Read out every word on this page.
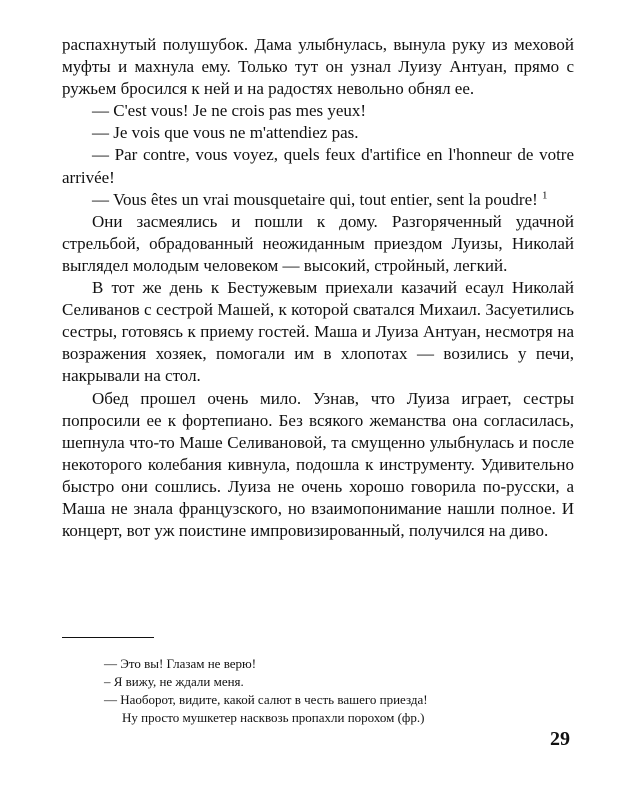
распахнутый полушубок. Дама улыбнулась, вынула руку из меховой муфты и махнула ему. Только тут он узнал Луизу Антуан, прямо с ружьем бросился к ней и на радостях невольно обнял ее.

— C'est vous! Je ne crois pas mes yeux!

— Je vois que vous ne m'attendiez pas.

— Par contre, vous voyez, quels feux d'artifice en l'honneur de votre arrivée!

— Vous êtes un vrai mousquetaire qui, tout entier, sent la poudre! $^1$

Они засмеялись и пошли к дому. Разгоряченный удачной стрельбой, обрадованный неожиданным приездом Луизы, Николай выглядел молодым человеком — высокий, стройный, легкий.

В тот же день к Бестужевым приехали казачий есаул Николай Селиванов с сестрой Машей, к которой сватался Михаил. Засуетились сестры, готовясь к приему гостей. Маша и Луиза Антуан, несмотря на возражения хозяек, помогали им в хлопотах — возились у печи, накрывали на стол.

Обед прошел очень мило. Узнав, что Луиза играет, сестры попросили ее к фортепиано. Без всякого жеманства она согласилась, шепнула что-то Маше Селивановой, та смущенно улыбнулась и после некоторого колебания кивнула, подошла к инструменту. Удивительно быстро они сошлись. Луиза не очень хорошо говорила по-русски, а Маша не знала французского, но взаимопонимание нашли полное. И концерт, вот уж поистине импровизированный, получился на диво.

— Это вы! Глазам не верю!

– Я вижу, не ждали меня.

— Наоборот, видите, какой салют в честь вашего приезда!

Ну просто мушкетер насквозь пропахли порохом (фр.)

29
